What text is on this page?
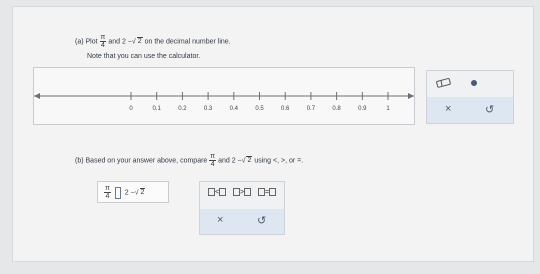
(a) Plot $\frac{\pi}{4}$ and 2 −√ 2 on the decimal number line.
Note that you can use the calculator.
0	0.1	0.2	0.3	0.4	0.5	0.6	0.7	0.8	0.9	1	×	↺
(b) Based on your answer above, compare $\frac{\pi}{4}$ and 2 −√ 2 using <, >, or =.
$\frac{\pi}{4} 2$ −√ 2	<	>	=
×	↺
